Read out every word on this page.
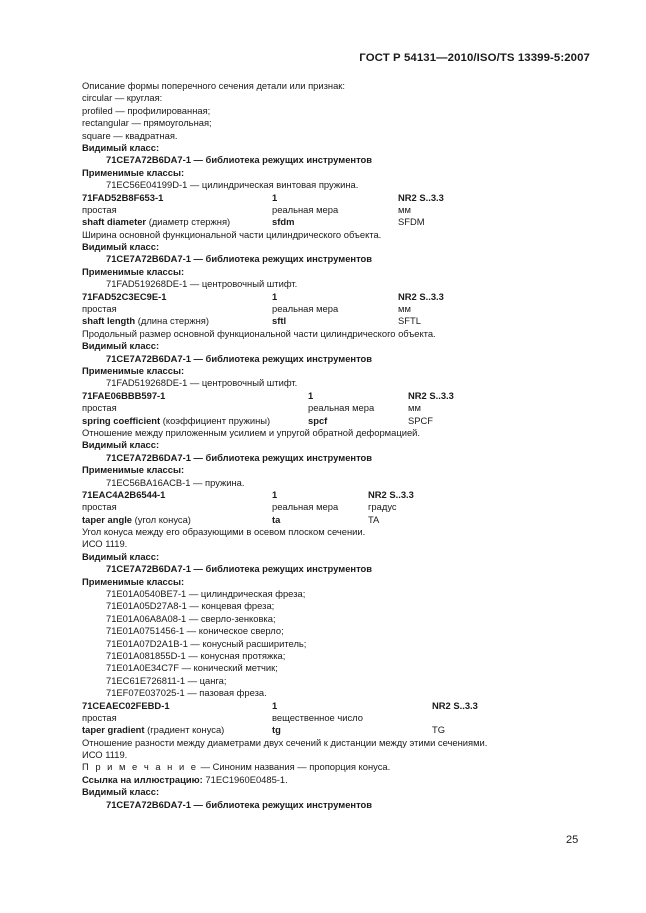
ГОСТ Р 54131—2010/ISO/TS 13399-5:2007
Описание формы поперечного сечения детали или признак:
circular — круглая:
profiled — профилированная;
rectangular — прямоугольная;
square — квадратная.
Видимый класс:
71CE7A72B6DA7-1 — библиотека режущих инструментов
Применимые классы:
71EC56E04199D-1 — цилиндрическая винтовая пружина.
71FAD52B8F653-1	1	NR2 S..3.3
простая	реальная мера	мм
shaft diameter (диаметр стержня)	sfdm	SFDM
Ширина основной функциональной части цилиндрического объекта.
Видимый класс:
71CE7A72B6DA7-1 — библиотека режущих инструментов
Применимые классы:
71FAD519268DE-1 — центровочный штифт.
71FAD52C3EC9E-1	1	NR2 S..3.3
простая	реальная мера	мм
shaft length (длина стержня)	sftl	SFTL
Продольный размер основной функциональной части цилиндрического объекта.
Видимый класс:
71CE7A72B6DA7-1 — библиотека режущих инструментов
Применимые классы:
71FAD519268DE-1 — центровочный штифт.
71FAE06BBB597-1	1	NR2 S..3.3
простая	реальная мера	мм
spring coefficient (коэффициент пружины)	spcf	SPCF
Отношение между приложенным усилием и упругой обратной деформацией.
Видимый класс:
71CE7A72B6DA7-1 — библиотека режущих инструментов
Применимые классы:
71EC56BA16ACB-1 — пружина.
71EAC4A2B6544-1	1	NR2 S..3.3
простая	реальная мера	градус
taper angle (угол конуса)	ta	TA
Угол конуса между его образующими в осевом плоском сечении.
ИСО 1119.
Видимый класс:
71CE7A72B6DA7-1 — библиотека режущих инструментов
Применимые классы:
71E01A0540BE7-1 — цилиндрическая фреза;
71E01A05D27A8-1 — концевая фреза;
71E01A06A8A08-1 — сверло-зенковка;
71E01A0751456-1 — коническое сверло;
71E01A07D2A1B-1 — конусный расширитель;
71E01A081855D-1 — конусная протяжка;
71E01A0E34C7F — конический метчик;
71EC61E726811-1 — цанга;
71EF07E037025-1 — пазовая фреза.
71CEAEC02FEBD-1	1	NR2 S..3.3
простая	вещественное число
taper gradient (градиент конуса)	tg	TG
Отношение разности между диаметрами двух сечений к дистанции между этими сечениями.
ИСО 1119.
П р и м е ч а н и е — Синоним названия — пропорция конуса.
Ссылка на иллюстрацию: 71EC1960E0485-1.
Видимый класс:
71CE7A72B6DA7-1 — библиотека режущих инструментов
25
